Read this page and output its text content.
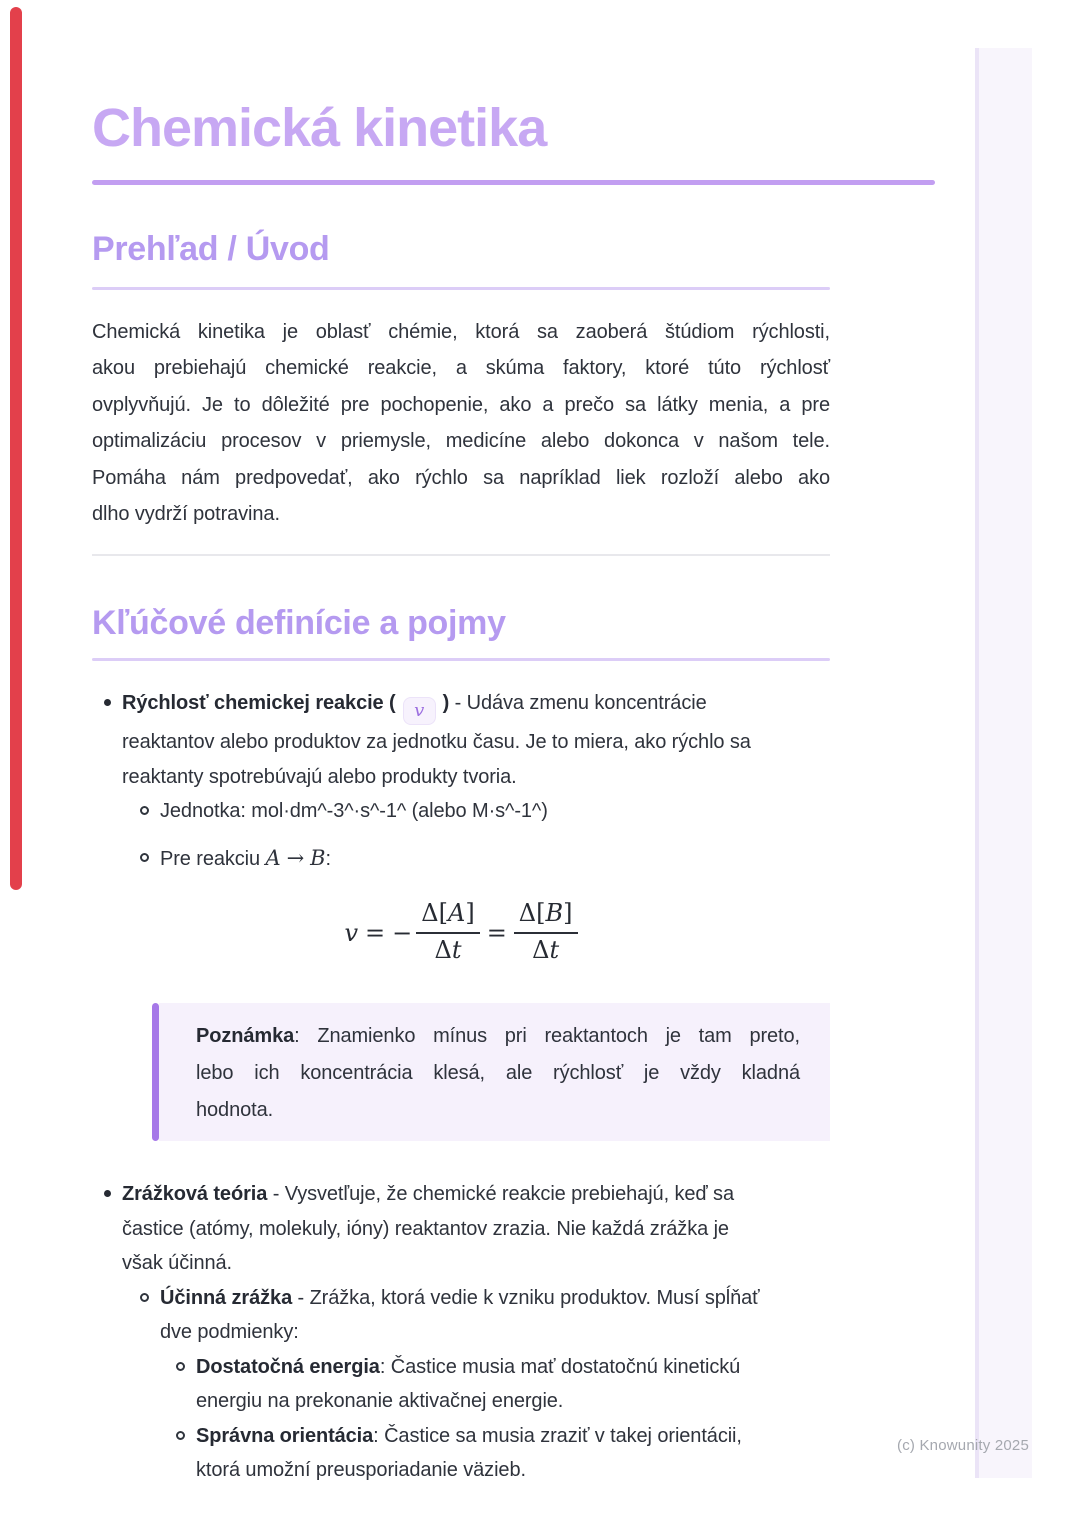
Chemická kinetika
Prehľad / Úvod
Chemická kinetika je oblasť chémie, ktorá sa zaoberá štúdiom rýchlosti,
akou prebiehajú chemické reakcie, a skúma faktory, ktoré túto rýchlosť
ovplyvňujú. Je to dôležité pre pochopenie, ako a prečo sa látky menia, a pre
optimalizáciu procesov v priemysle, medicíne alebo dokonca v našom tele.
Pomáha nám predpovedať, ako rýchlo sa napríklad liek rozloží alebo ako
dlho vydrží potravina.
Kľúčové definície a pojmy
Rýchlosť chemickej reakcie ( v ) - Udáva zmenu koncentrácie
reaktantov alebo produktov za jednotku času. Je to miera, ako rýchlo sa
reaktanty spotrebúvajú alebo produkty tvoria.
Jednotka: mol·dm^-3^·s^-1^ (alebo M·s^-1^)
Pre reakciu A → B:
v = − $\frac{\Delta[A]}{\Delta t} = \frac{\Delta[B]}{\Delta t}$
Poznámka: Znamienko mínus pri reaktantoch je tam preto,
lebo ich koncentrácia klesá, ale rýchlosť je vždy kladná
hodnota.
Zrážková teória - Vysvetľuje, že chemické reakcie prebiehajú, keď sa
častice (atómy, molekuly, ióny) reaktantov zrazia. Nie každá zrážka je
však účinná.
Účinná zrážka - Zrážka, ktorá vedie k vzniku produktov. Musí spĺňať
dve podmienky:
Dostatočná energia: Častice musia mať dostatočnú kinetickú
energiu na prekonanie aktivačnej energie.
Správna orientácia: Častice sa musia zraziť v takej orientácii,
ktorá umožní preusporiadanie väzieb.
(c) Knowunity 2025
